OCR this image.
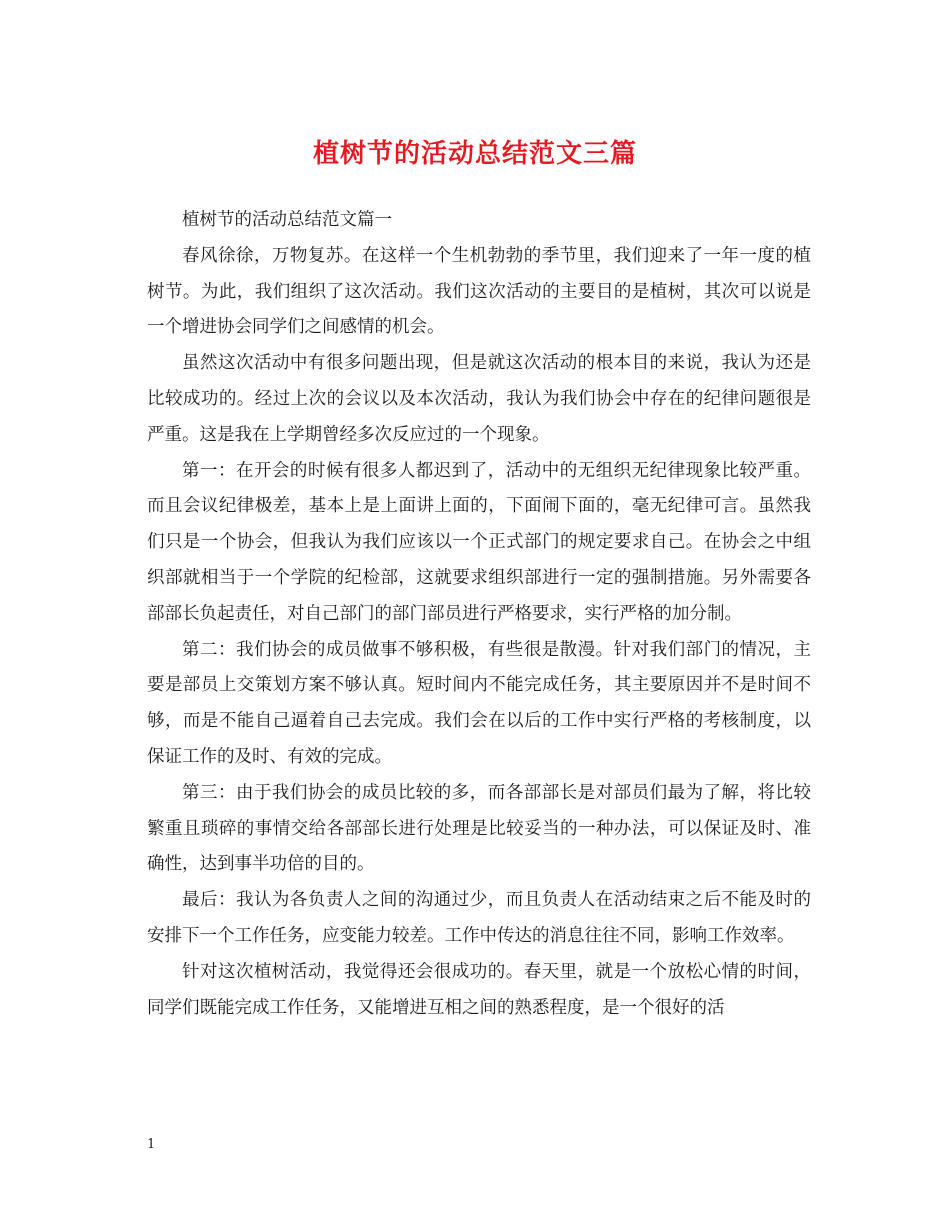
植树节的活动总结范文三篇

植树节的活动总结范文篇一

春风徐徐，万物复苏。在这样一个生机勃勃的季节里，我们迎来了一年一度的植树节。为此，我们组织了这次活动。我们这次活动的主要目的是植树，其次可以说是一个增进协会同学们之间感情的机会。

虽然这次活动中有很多问题出现，但是就这次活动的根本目的来说，我认为还是比较成功的。经过上次的会议以及本次活动，我认为我们协会中存在的纪律问题很是严重。这是我在上学期曾经多次反应过的一个现象。

第一：在开会的时候有很多人都迟到了，活动中的无组织无纪律现象比较严重。而且会议纪律极差，基本上是上面讲上面的，下面闹下面的，毫无纪律可言。虽然我们只是一个协会，但我认为我们应该以一个正式部门的规定要求自己。在协会之中组织部就相当于一个学院的纪检部，这就要求组织部进行一定的强制措施。另外需要各部部长负起责任，对自己部门的部门部员进行严格要求，实行严格的加分制。

第二：我们协会的成员做事不够积极，有些很是散漫。针对我们部门的情况，主要是部员上交策划方案不够认真。短时间内不能完成任务，其主要原因并不是时间不够，而是不能自己逼着自己去完成。我们会在以后的工作中实行严格的考核制度，以保证工作的及时、有效的完成。

第三：由于我们协会的成员比较的多，而各部部长是对部员们最为了解，将比较繁重且琐碎的事情交给各部部长进行处理是比较妥当的一种办法，可以保证及时、准确性，达到事半功倍的目的。

最后：我认为各负责人之间的沟通过少，而且负责人在活动结束之后不能及时的安排下一个工作任务，应变能力较差。工作中传达的消息往往不同，影响工作效率。

针对这次植树活动，我觉得还会很成功的。春天里，就是一个放松心情的时间，同学们既能完成工作任务，又能增进互相之间的熟悉程度，是一个很好的活

1
